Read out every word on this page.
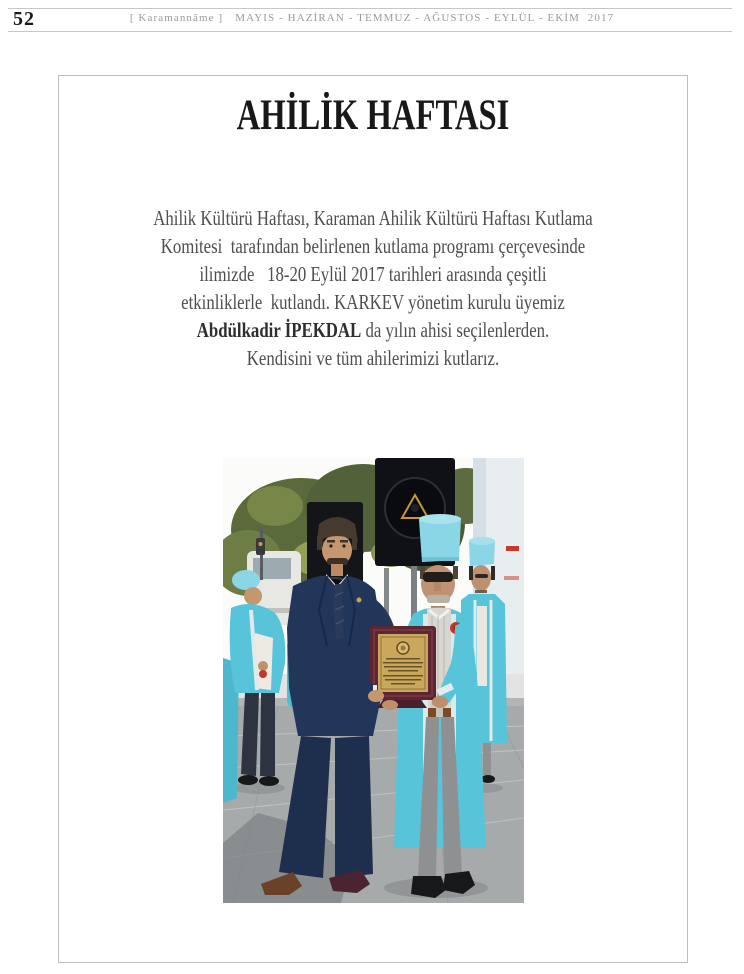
52	[ Karamannâme ] MAYIS - HAZİRAN - TEMMUZ - AĞUSTOS - EYLÜL - EKİM  2017
AHİLİK HAFTASI
Ahilik Kültürü Haftası, Karaman Ahilik Kültürü Haftası Kutlama
Komitesi  tarafından belirlenen kutlama programı çerçevesinde
ilimizde   18-20 Eylül 2017 tarihleri arasında çeşitli
etkinliklerle  kutlandı. KARKEV yönetim kurulu üyemiz
Abdülkadir İPEKDAL da yılın ahisi seçilenlerden.
Kendisini ve tüm ahilerimizi kutlarız.
